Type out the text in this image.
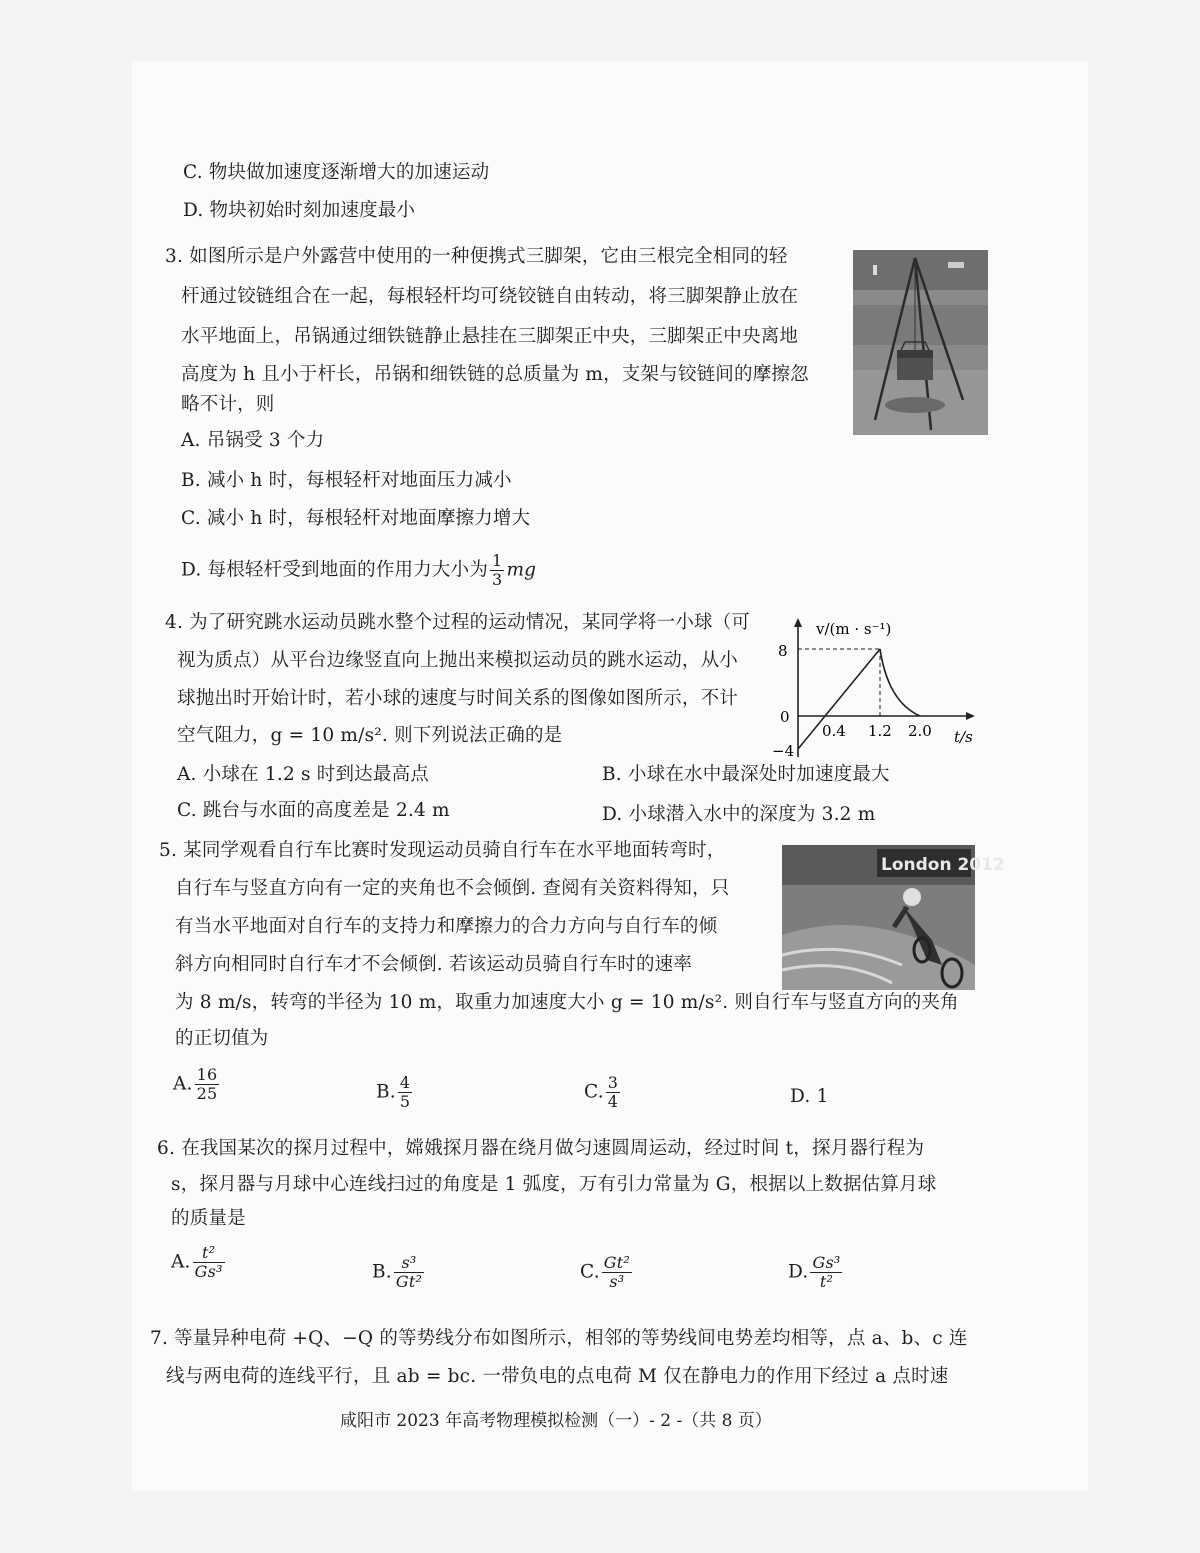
C. 物块做加速度逐渐增大的加速运动
D. 物块初始时刻加速度最小
3. 如图所示是户外露营中使用的一种便携式三脚架，它由三根完全相同的轻
杆通过铰链组合在一起，每根轻杆均可绕铰链自由转动，将三脚架静止放在
水平地面上，吊锅通过细铁链静止悬挂在三脚架正中央，三脚架正中央离地
高度为 h 且小于杆长，吊锅和细铁链的总质量为 m，支架与铰链间的摩擦忽
略不计，则
A. 吊锅受 3 个力
B. 减小 h 时，每根轻杆对地面压力减小
C. 减小 h 时，每根轻杆对地面摩擦力增大
D. 每根轻杆受到地面的作用力大小为 $\frac{1}{3}$ mg
4. 为了研究跳水运动员跳水整个过程的运动情况，某同学将一小球（可
视为质点）从平台边缘竖直向上抛出来模拟运动员的跳水运动，从小
球抛出时开始计时，若小球的速度与时间关系的图像如图所示，不计
空气阻力，g = 10 m/s². 则下列说法正确的是
v/(m · s⁻¹)
8
0
−4
0.4 1.2 2.0 t/s
A. 小球在 1.2 s 时到达最高点	B. 小球在水中最深处时加速度最大
C. 跳台与水面的高度差是 2.4 m	D. 小球潜入水中的深度为 3.2 m
5. 某同学观看自行车比赛时发现运动员骑自行车在水平地面转弯时，
自行车与竖直方向有一定的夹角也不会倾倒. 查阅有关资料得知，只
有当水平地面对自行车的支持力和摩擦力的合力方向与自行车的倾
斜方向相同时自行车才不会倾倒. 若该运动员骑自行车时的速率
为 8 m/s，转弯的半径为 10 m，取重力加速度大小 g = 10 m/s². 则自行车与竖直方向的夹角
的正切值为
London 2012
A. $\frac{16}{25}$	B. $\frac{4}{5}$	C. $\frac{3}{4}$	D. 1
6. 在我国某次的探月过程中，嫦娥探月器在绕月做匀速圆周运动，经过时间 t，探月器行程为
s，探月器与月球中心连线扫过的角度是 1 弧度，万有引力常量为 G，根据以上数据估算月球
的质量是
A. $\frac{\text{t²}}{\text{Gs³}}$	B. $\frac{\text{s³}}{\text{Gt²}}$	C. $\frac{\text{Gt²}}{\text{s³}}$	D. $\frac{\text{Gs³}}{\text{t²}}$
7. 等量异种电荷 +Q、−Q 的等势线分布如图所示，相邻的等势线间电势差均相等，点 a、b、c 连
线与两电荷的连线平行，且 ab = bc. 一带负电的点电荷 M 仅在静电力的作用下经过 a 点时速
咸阳市 2023 年高考物理模拟检测（一）- 2 -（共 8 页）
